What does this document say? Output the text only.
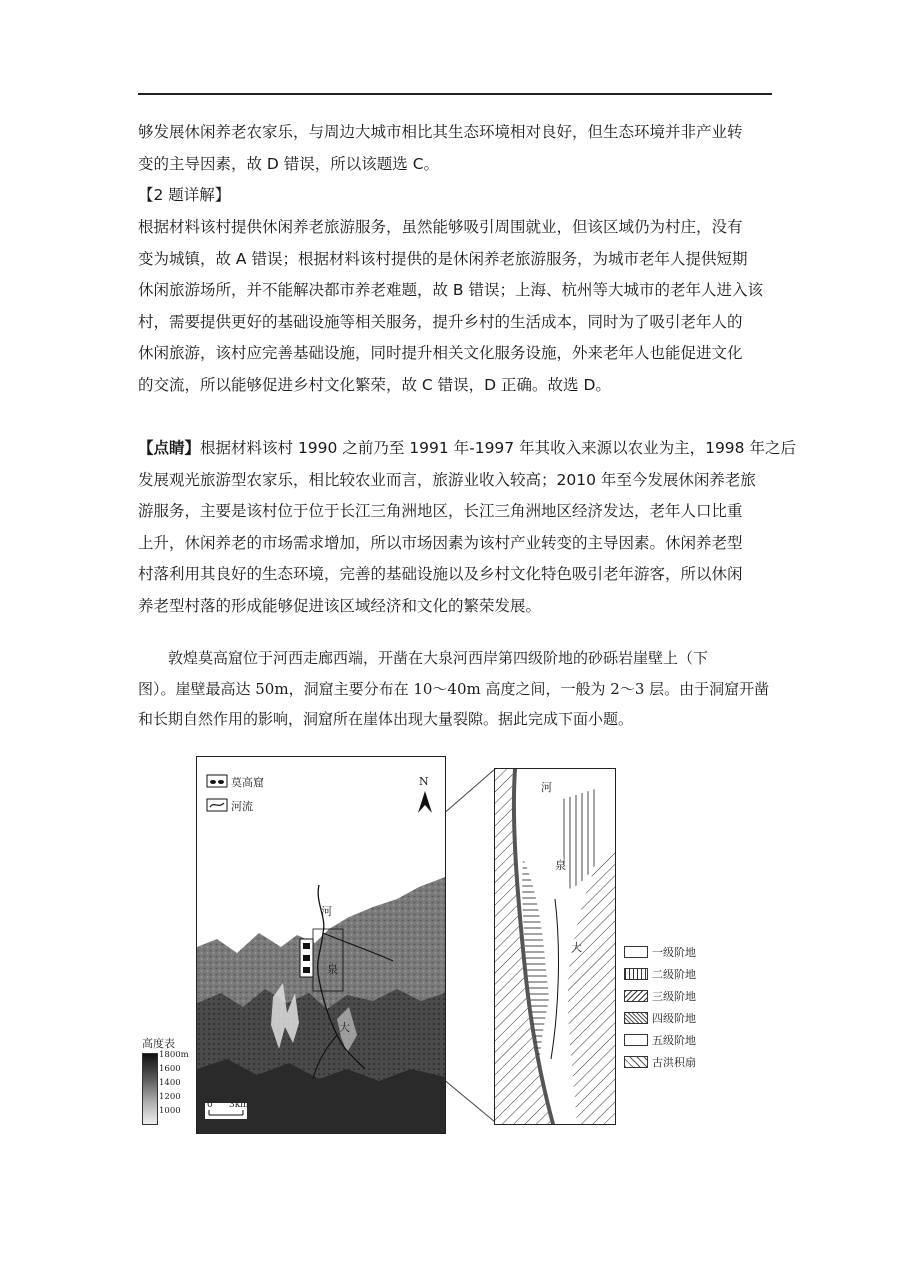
够发展休闲养老农家乐，与周边大城市相比其生态环境相对良好，但生态环境并非产业转
变的主导因素，故 D 错误，所以该题选 C。

【2 题详解】

根据材料该村提供休闲养老旅游服务，虽然能够吸引周围就业，但该区域仍为村庄，没有
变为城镇，故 A 错误；根据材料该村提供的是休闲养老旅游服务，为城市老年人提供短期
休闲旅游场所，并不能解决都市养老难题，故 B 错误；上海、杭州等大城市的老年人进入该
村，需要提供更好的基础设施等相关服务，提升乡村的生活成本，同时为了吸引老年人的
休闲旅游，该村应完善基础设施，同时提升相关文化服务设施，外来老年人也能促进文化
的交流，所以能够促进乡村文化繁荣，故 C 错误，D 正确。故选 D。

【点睛】根据材料该村 1990 之前乃至 1991 年-1997 年其收入来源以农业为主，1998 年之后
发展观光旅游型农家乐，相比较农业而言，旅游业收入较高；2010 年至今发展休闲养老旅
游服务，主要是该村位于位于长江三角洲地区，长江三角洲地区经济发达，老年人口比重
上升，休闲养老的市场需求增加，所以市场因素为该村产业转变的主导因素。休闲养老型
村落利用其良好的生态环境，完善的基础设施以及乡村文化特色吸引老年游客，所以休闲
养老型村落的形成能够促进该区域经济和文化的繁荣发展。

　　敦煌莫高窟位于河西走廊西端，开凿在大泉河西岸第四级阶地的砂砾岩崖壁上（下
图）。崖壁最高达 50m，洞窟主要分布在 10～40m 高度之间，一般为 2～3 层。由于洞窟开凿
和长期自然作用的影响，洞窟所在崖体出现大量裂隙。据此完成下面小题。

莫高窟
河流
N
河
泉
大
0 3km
高度表
1800m
1600
1400
1200
1000
河
泉
大	一级阶地
二级阶地
三级阶地
四级阶地
五级阶地
古洪积扇
